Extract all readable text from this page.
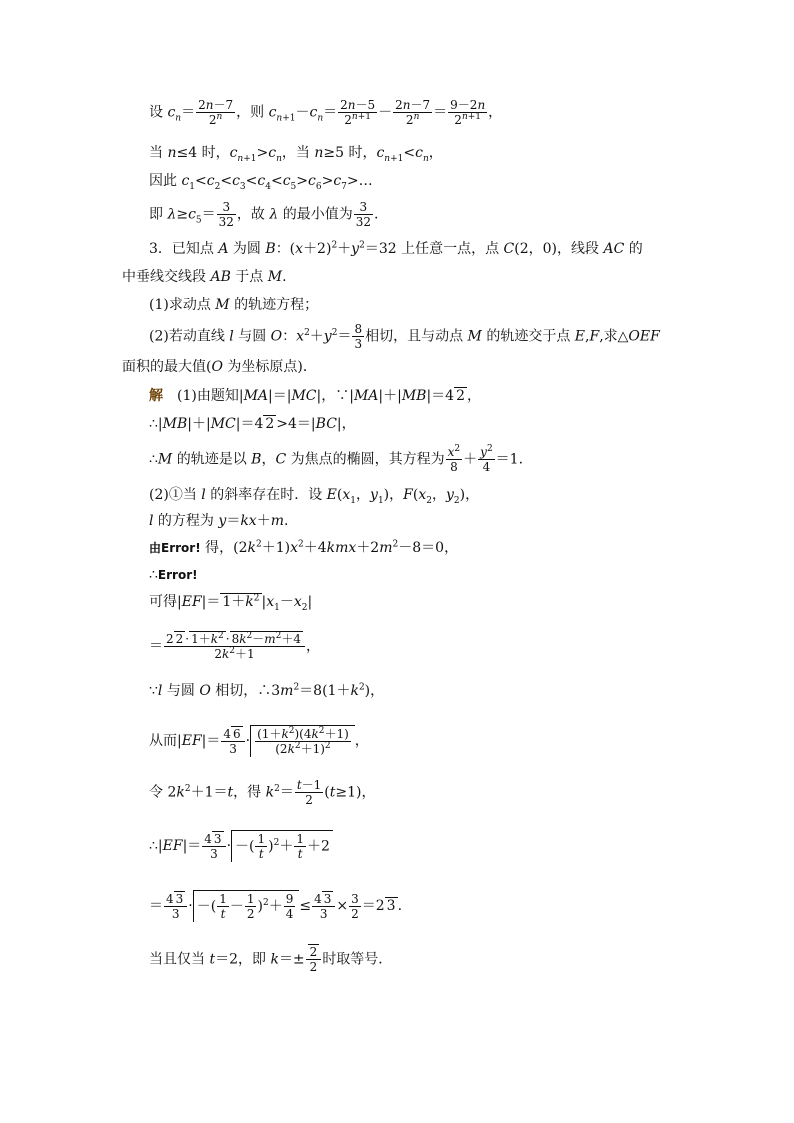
设 $c_n= \frac{2n-7}{2^n}$ ，则 $c_{n+1}-c_n= \frac{2n-5}{2^{n+1}} - \frac{2n-7}{2^n} = \frac{9-2n}{2^{n+1}}$ ，
当 n≤4 时，$c_{n+1}>c_n$，当 n≥5 时，$c_{n+1}<c_n$，
因此 $c_1<c_2<c_3<c_4<c_5>c_6>c_7>\dots$
即 $\lambda\ge c_5= \frac{3}{32}$ ，故 λ 的最小值为 $\frac{3}{32}$ .
3．已知点 A 为圆 B：$(x+2)^2+y^2=32$ 上任意一点，点 C(2，0)，线段 AC 的
中垂线交线段 AB 于点 M.
(1)求动点 M 的轨迹方程；
(2)若动直线 l 与圆 O：$x^2+y^2= \frac{8}{3}$ 相切，且与动点 M 的轨迹交于点 E,F,求△OEF
面积的最大值(O 为坐标原点)．
解　(1)由题知|MA|＝|MC|，∵|MA|＋|MB|＝4 2 ，
∴|MB|＋|MC|＝4 2 >4＝|BC|，
∴M 的轨迹是以 B，C 为焦点的椭圆，其方程为 $\frac{x^2}{8} + \frac{y^2}{4} =1$.
(2)①当 l 的斜率存在时．设 $E(x_1$，$y_1$)，$F(x_2$，$y_2$)，
l 的方程为 y＝kx＋m.
由Error! 得，$(2k^2+1)x^2+4kmx+2m^2-8=0$，
∴Error!
可得$|EF|= 1+k^2$ $|x_1-x_2|$
＝ $\frac{2 2 \cdot 1+k^2 \cdot 8k^2-m^2+4}{2k^2+1}$ ，
∵l 与圆 O 相切，$\therefore 3m^2=8(1+k^2)$，
从而$|EF|= \frac{4 6}{3} \cdot \frac{(1+k^2)(4k^2+1)}{(2k^2+1)^2}$ ，
令 $2k^2+1=t$，得 $k^2= \frac{t-1}{2} (t\ge 1)$，
∴|EF|＝ $\frac{4 3}{3}$ · －( $\frac{1}{t} )^2+ \frac{1}{t} +2$
＝ $\frac{4 3}{3}$ · －( $\frac{1}{t} - \frac{1}{2} )^2+ \frac{9}{4} \le \frac{4 3}{3} \times \frac{3}{2} =2$ 3 .
当且仅当 t＝2，即 $k=\pm \frac{2}{2}$ 时取等号．
